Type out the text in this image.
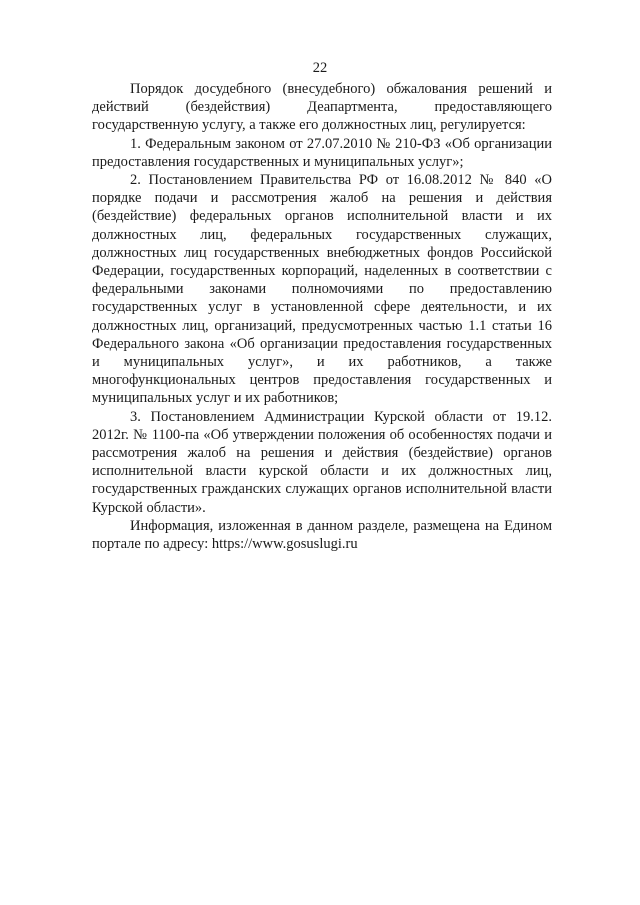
22

Порядок досудебного (внесудебного) обжалования решений и действий (бездействия) Деапартмента, предоставляющего государственную услугу, а также его должностных лиц, регулируется:

1. Федеральным законом от 27.07.2010 № 210-ФЗ «Об организации предоставления государственных и муниципальных услуг»;

2. Постановлением Правительства РФ от 16.08.2012 № 840 «О порядке подачи и рассмотрения жалоб на решения и действия (бездействие) федеральных органов исполнительной власти и их должностных лиц, федеральных государственных служащих, должностных лиц государственных внебюджетных фондов Российской Федерации, государственных корпораций, наделенных в соответствии с федеральными законами полномочиями по предоставлению государственных услуг в установленной сфере деятельности, и их должностных лиц, организаций, предусмотренных частью 1.1 статьи 16 Федерального закона «Об организации предоставления государственных и муниципальных услуг», и их работников, а также многофункциональных центров предоставления государственных и муниципальных услуг и их работников;

3. Постановлением Администрации Курской области от 19.12. 2012г. № 1100-па «Об утверждении положения об особенностях подачи и рассмотрения жалоб на решения и действия (бездействие) органов исполнительной власти курской области и их должностных лиц, государственных гражданских служащих органов исполнительной власти Курской области».

Информация, изложенная в данном разделе, размещена на Едином портале по адресу: https://www.gosuslugi.ru
